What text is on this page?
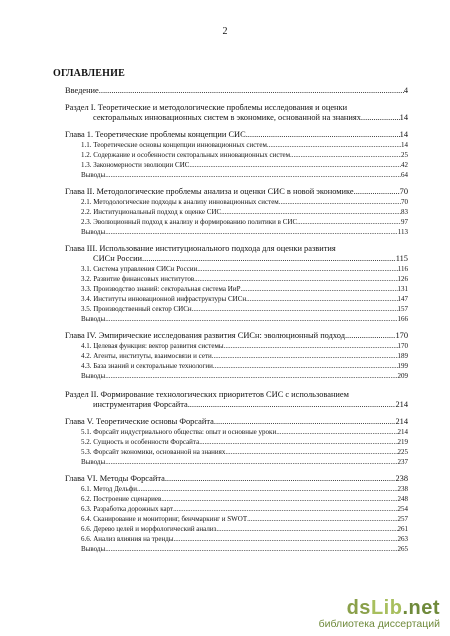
2
ОГЛАВЛЕНИЕ
Введение .....	4
Раздел I. Теоретические и методологические проблемы исследования и оценки
секторальных инновационных систем в экономике, основанной на знаниях .....	14
Глава 1. Теоретические проблемы концепции СИС .....	14
1.1. Теоретические основы концепции инновационных систем .....	14
1.2. Содержание и особенности секторальных инновационных систем .....	25
1.3. Закономерности эволюции СИС .....	42
Выводы .....	64
Глава II. Методологические проблемы анализа и оценки СИС в новой экономике .....	70
2.1. Методологические подходы к анализу инновационных систем .....	70
2.2. Институциональный подход к оценке СИС .....	83
2.3. Эволюционный подход к анализу и формированию политики в СИС .....	97
Выводы .....	113
Глава III. Использование институционального подхода для оценки развития
СИСн России .....	115
3.1. Система управления СИСн России .....	116
3.2. Развитие финансовых институтов .....	126
3.3. Производство знаний: секторальная система ИиР .....	131
3.4. Институты инновационной инфраструктуры СИСн .....	147
3.5. Производственный сектор СИСн .....	157
Выводы .....	166
Глава IV. Эмпирические исследования развития СИСн: эволюционный подход .....	170
4.1. Целевая функция: вектор развития системы .....	170
4.2. Агенты, институты, взаимосвязи и сети .....	189
4.3. База знаний и секторальные технологии .....	199
Выводы .....	209
Раздел II. Формирование технологических приоритетов СИС с использованием
инструментария Форсайта .....	214
Глава V. Теоретические основы Форсайта .....	214
5.1. Форсайт индустриального общества: опыт и основные уроки .....	214
5.2. Сущность и особенности Форсайта .....	219
5.3. Форсайт экономики, основанной на знаниях .....	225
Выводы .....	237
Глава VI. Методы Форсайта .....	238
6.1. Метод Дельфи .....	238
6.2. Построение сценариев .....	248
6.3. Разработка дорожных карт .....	254
6.4. Сканирование и мониторинг, бенчмаркинг и SWOT .....	257
6.6. Дерево целей и морфологический анализ .....	261
6.6. Анализ влияния на тренды .....	263
Выводы .....	265
dsLib.net
библиотека диссертаций
